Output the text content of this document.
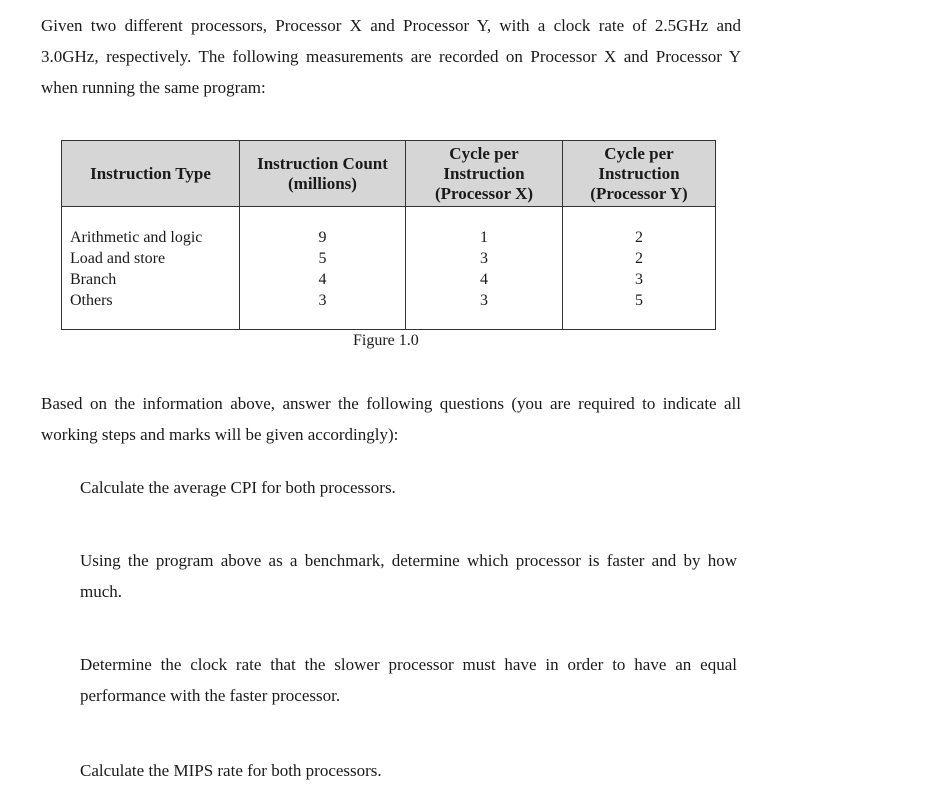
Given two different processors, Processor X and Processor Y, with a clock rate of 2.5GHz and 3.0GHz, respectively. The following measurements are recorded on Processor X and Processor Y when running the same program:

Instruction Type
Instruction Count
(millions)
Cycle per
Instruction
(Processor X)
Cycle per
Instruction
(Processor Y)
Arithmetic and logic
Load and store
Branch
Others
9
5
4
3
1
3
4
3
2
2
3
5
Figure 1.0

Based on the information above, answer the following questions (you are required to indicate all working steps and marks will be given accordingly):

Calculate the average CPI for both processors.

Using the program above as a benchmark, determine which processor is faster and by how much.

Determine the clock rate that the slower processor must have in order to have an equal performance with the faster processor.

Calculate the MIPS rate for both processors.
